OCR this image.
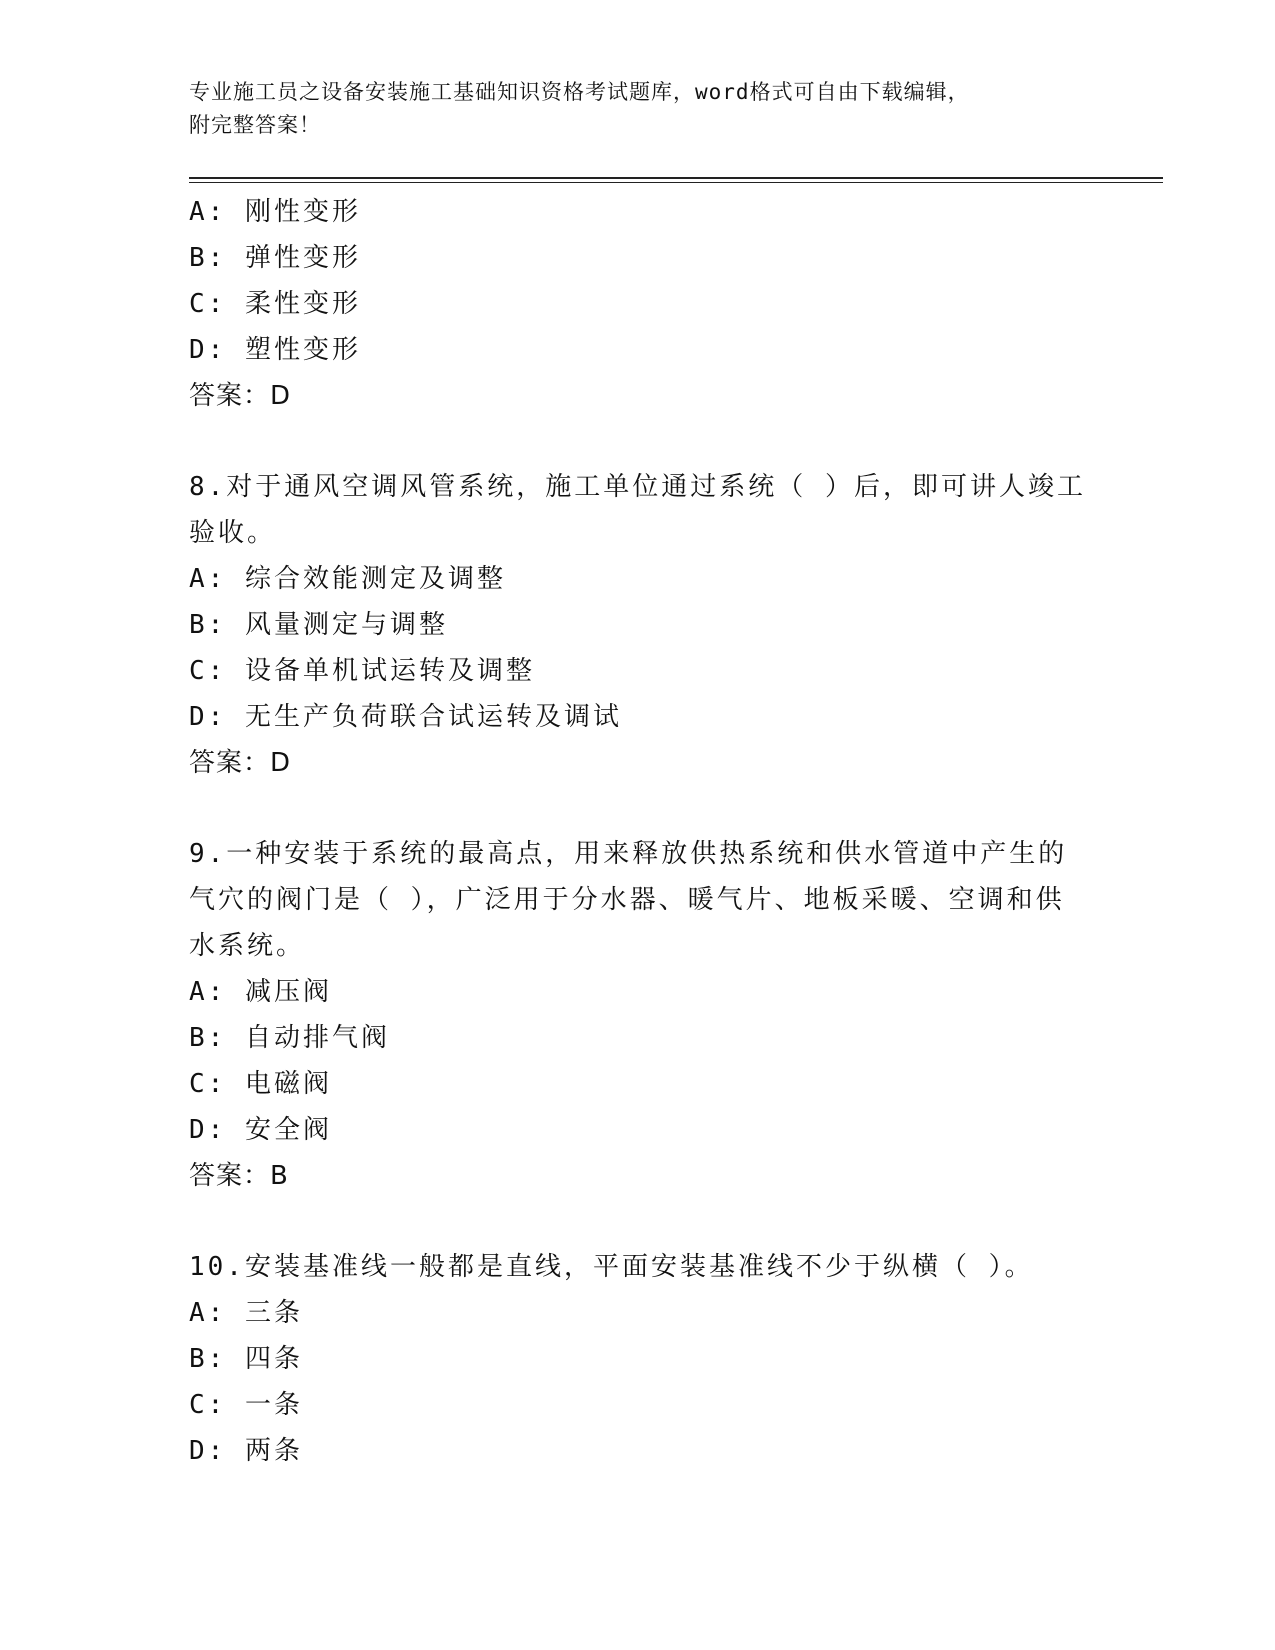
专业施工员之设备安装施工基础知识资格考试题库，word格式可自由下载编辑，
附完整答案！
A: 刚性变形
B: 弹性变形
C: 柔性变形
D: 塑性变形
答案：D
8.对于通风空调风管系统，施工单位通过系统（ ）后，即可讲人竣工
验收。
A: 综合效能测定及调整
B: 风量测定与调整
C: 设备单机试运转及调整
D: 无生产负荷联合试运转及调试
答案：D
9.一种安装于系统的最高点，用来释放供热系统和供水管道中产生的
气穴的阀门是（ ），广泛用于分水器、暖气片、地板采暖、空调和供
水系统。
A: 减压阀
B: 自动排气阀
C: 电磁阀
D: 安全阀
答案：B
10.安装基准线一般都是直线，平面安装基准线不少于纵横（ ）。
A: 三条
B: 四条
C: 一条
D: 两条
